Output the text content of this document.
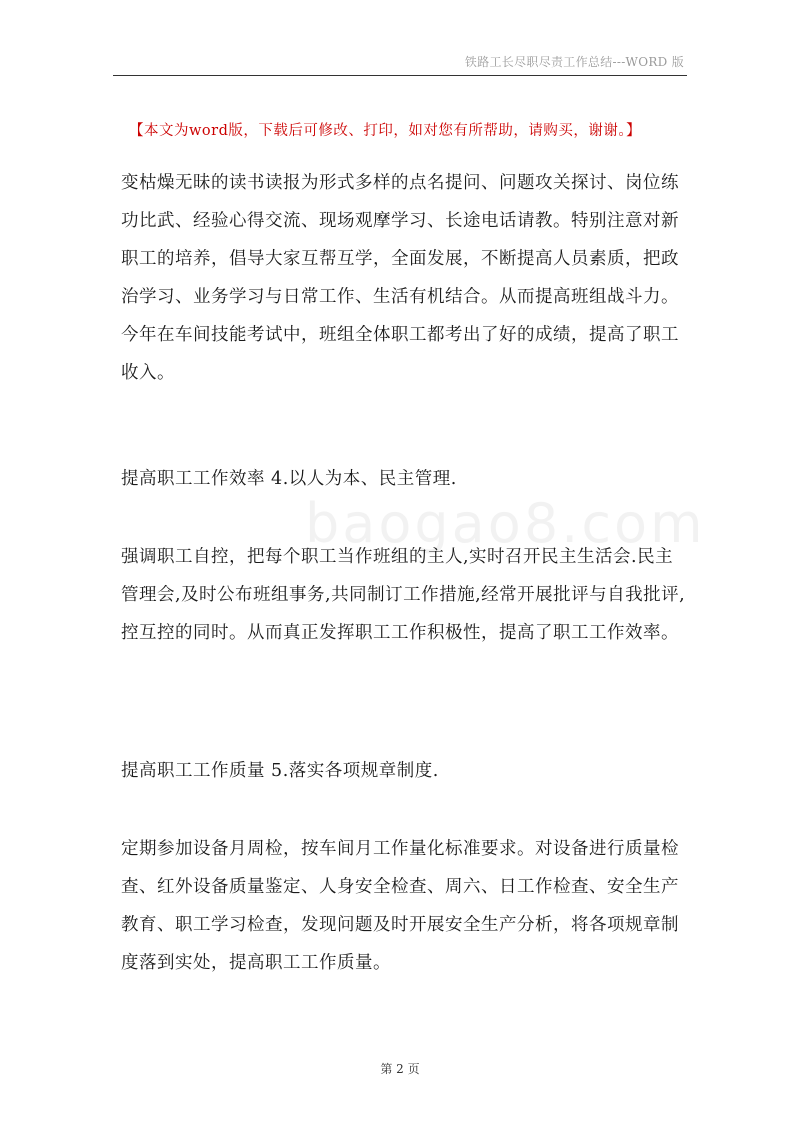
铁路工长尽职尽责工作总结---WORD 版
【本文为word版，下载后可修改、打印，如对您有所帮助，请购买，谢谢。】
baogao8.com

变枯燥无昧的读书读报为形式多样的点名提问、问题攻关探讨、岗位练功比武、经验心得交流、现场观摩学习、长途电话请教。特别注意对新职工的培养，倡导大家互帮互学，全面发展，不断提高人员素质，把政治学习、业务学习与日常工作、生活有机结合。从而提高班组战斗力。今年在车间技能考试中，班组全体职工都考出了好的成绩，提高了职工收入。

提高职工工作效率 4.以人为本、民主管理.

强调职工自控，把每个职工当作班组的主人,实时召开民主生活会.民主管理会,及时公布班组事务,共同制订工作措施,经常开展批评与自我批评,控互控的同时。从而真正发挥职工工作积极性，提高了职工工作效率。

提高职工工作质量 5.落实各项规章制度.

定期参加设备月周检，按车间月工作量化标准要求。对设备进行质量检查、红外设备质量鉴定、人身安全检查、周六、日工作检查、安全生产教育、职工学习检查，发现问题及时开展安全生产分析，将各项规章制度落到实处，提高职工工作质量。

第 2 页
